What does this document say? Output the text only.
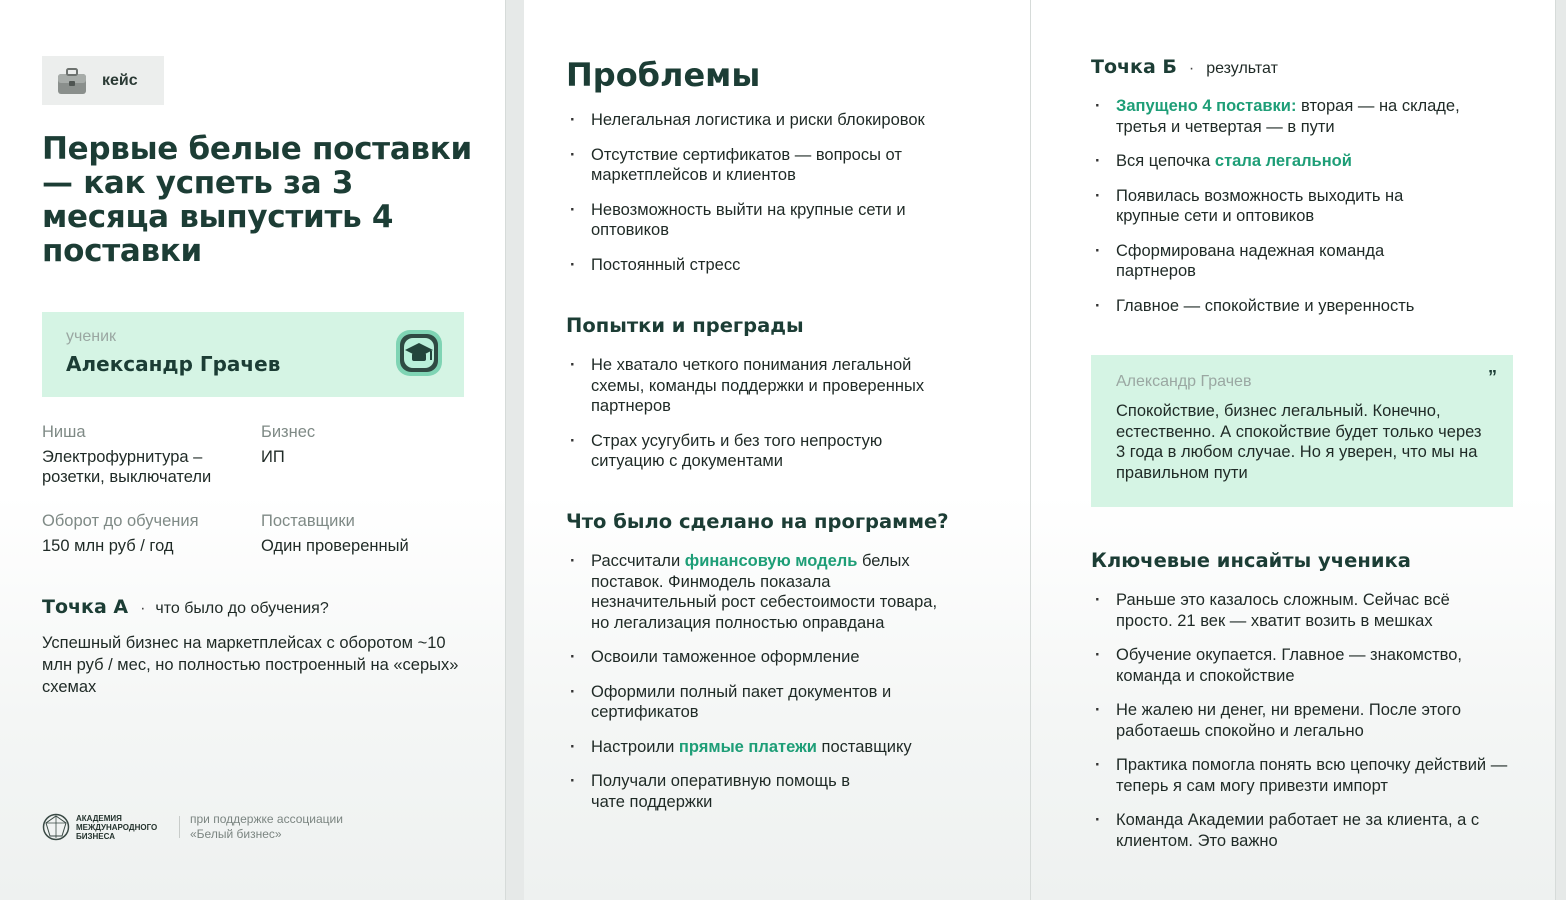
кейс
Первые белые поставки — как успеть за 3 месяца выпустить 4 поставки
ученик
Александр Грачев
Ниша
Электрофурнитура – розетки, выключатели
Бизнес
ИП
Оборот до обучения
150 млн руб / год
Поставщики
Один проверенный
Точка А · что было до обучения?
Успешный бизнес на маркетплейсах с оборотом ~10 млн руб / мес, но полностью построенный на «серых» схемах
АКАДЕМИЯ МЕЖДУНАРОДНОГО БИЗНЕСА
при поддержке ассоциации «Белый бизнес»
Проблемы
· Нелегальная логистика и риски блокировок
· Отсутствие сертификатов — вопросы от маркетплейсов и клиентов
· Невозможность выйти на крупные сети и оптовиков
· Постоянный стресс
Попытки и преграды
· Не хватало четкого понимания легальной схемы, команды поддержки и проверенных партнеров
· Страх усугубить и без того непростую ситуацию с документами
Что было сделано на программе?
· Рассчитали финансовую модель белых поставок. Финмодель показала незначительный рост себестоимости товара, но легализация полностью оправдана
· Освоили таможенное оформление
· Оформили полный пакет документов и сертификатов
· Настроили прямые платежи поставщику
· Получали оперативную помощь в чате поддержки
Точка Б · результат
· Запущено 4 поставки: вторая — на складе, третья и четвертая — в пути
· Вся цепочка стала легальной
· Появилась возможность выходить на крупные сети и оптовиков
· Сформирована надежная команда партнеров
· Главное — спокойствие и уверенность
Александр Грачев	”
Спокойствие, бизнес легальный. Конечно, естественно. А спокойствие будет только через 3 года в любом случае. Но я уверен, что мы на правильном пути
Ключевые инсайты ученика
· Раньше это казалось сложным. Сейчас всё просто. 21 век — хватит возить в мешках
· Обучение окупается. Главное — знакомство, команда и спокойствие
· Не жалею ни денег, ни времени. После этого работаешь спокойно и легально
· Практика помогла понять всю цепочку действий — теперь я сам могу привезти импорт
· Команда Академии работает не за клиента, а с клиентом. Это важно
